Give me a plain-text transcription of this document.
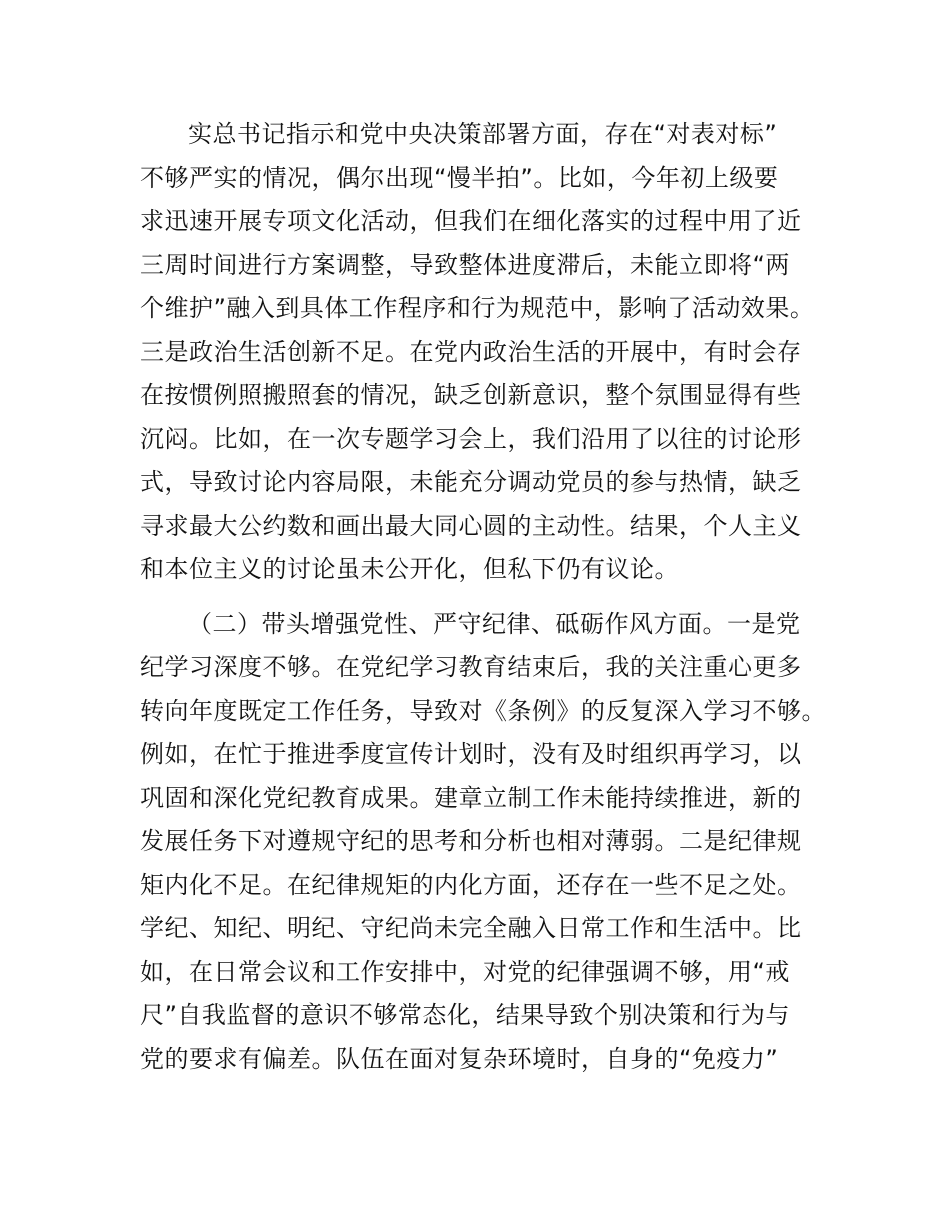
实总书记指示和党中央决策部署方面，存在“对表对标”
不够严实的情况，偶尔出现“慢半拍”。比如，今年初上级要
求迅速开展专项文化活动，但我们在细化落实的过程中用了近
三周时间进行方案调整，导致整体进度滞后，未能立即将“两
个维护”融入到具体工作程序和行为规范中，影响了活动效果。
三是政治生活创新不足。在党内政治生活的开展中，有时会存
在按惯例照搬照套的情况，缺乏创新意识，整个氛围显得有些
沉闷。比如，在一次专题学习会上，我们沿用了以往的讨论形
式，导致讨论内容局限，未能充分调动党员的参与热情，缺乏
寻求最大公约数和画出最大同心圆的主动性。结果，个人主义
和本位主义的讨论虽未公开化，但私下仍有议论。
（二）带头增强党性、严守纪律、砥砺作风方面。一是党
纪学习深度不够。在党纪学习教育结束后，我的关注重心更多
转向年度既定工作任务，导致对《条例》的反复深入学习不够。
例如，在忙于推进季度宣传计划时，没有及时组织再学习，以
巩固和深化党纪教育成果。建章立制工作未能持续推进，新的
发展任务下对遵规守纪的思考和分析也相对薄弱。二是纪律规
矩内化不足。在纪律规矩的内化方面，还存在一些不足之处。
学纪、知纪、明纪、守纪尚未完全融入日常工作和生活中。比
如，在日常会议和工作安排中，对党的纪律强调不够，用“戒
尺”自我监督的意识不够常态化，结果导致个别决策和行为与
党的要求有偏差。队伍在面对复杂环境时，自身的“免疫力”
